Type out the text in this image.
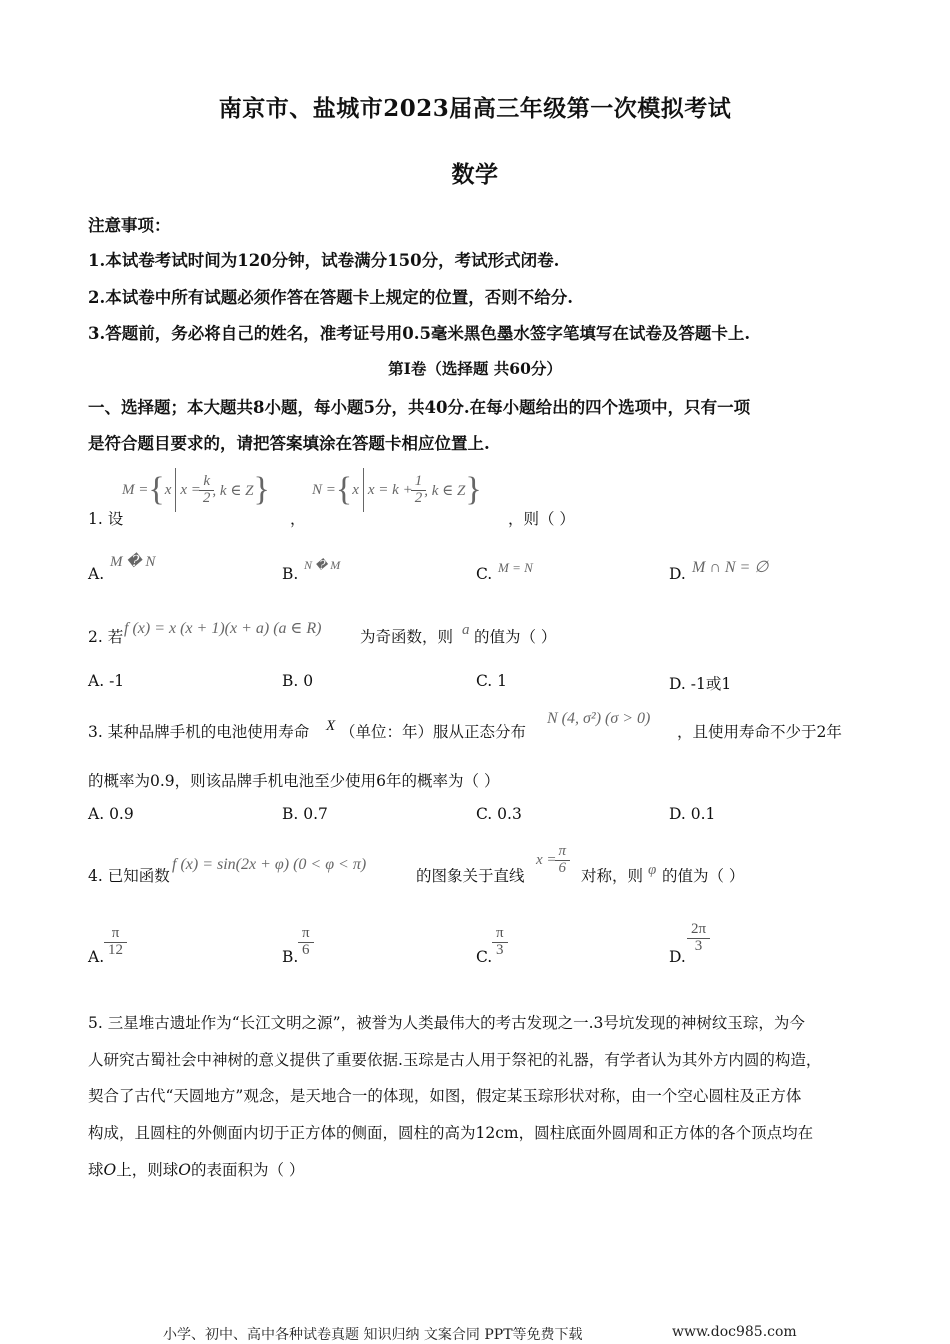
南京市、盐城市2023届高三年级第一次模拟考试
数学
注意事项：
1.本试卷考试时间为120分钟，试卷满分150分，考试形式闭卷.
2.本试卷中所有试题必须作答在答题卡上规定的位置，否则不给分.
3.答题前，务必将自己的姓名，准考证号用0.5毫米黑色墨水签字笔填写在试卷及答题卡上.
第Ⅰ卷（选择题 共60分）
一、选择题；本大题共8小题，每小题5分，共40分.在每小题给出的四个选项中，只有一项
是符合题目要求的，请把答案填涂在答题卡相应位置上.
1. 设
M = { x $x = \frac{k}{2}$ , k ∈ Z }
，
N = { x $x = k + \frac{1}{2}$ , k ∈ Z }
，则（ ）
A.
M � N
B. N � M	C. M = N	D. M ∩ N = ∅
2. 若 f (x) = x (x + 1)(x + a) (a ∈ R) 为奇函数，则 a 的值为（ ）
A. -1	B. 0	C. 1	D. -1或1
3. 某种品牌手机的电池使用寿命 X （单位：年）服从正态分布
N (4, σ²) (σ > 0)
，且使用寿命不少于2年
的概率为0.9，则该品牌手机电池至少使用6年的概率为（ ）
A. 0.9	B. 0.7	C. 0.3	D. 0.1
4. 已知函数
f (x) = sin(2x + φ) (0 < φ < π)
的图象关于直线
$x = \frac{\pi}{6}$ 对称，则 φ 的值为（ ）
A. $\frac{\pi}{12}$	B. $\frac{\pi}{6}$	C. $\frac{\pi}{3}$	D.
$\frac{2\pi}{3}$
5. 三星堆古遗址作为“长江文明之源”，被誉为人类最伟大的考古发现之一.3号坑发现的神树纹玉琮，为今
人研究古蜀社会中神树的意义提供了重要依据.玉琮是古人用于祭祀的礼器，有学者认为其外方内圆的构造，
契合了古代“天圆地方”观念，是天地合一的体现，如图，假定某玉琮形状对称，由一个空心圆柱及正方体
构成，且圆柱的外侧面内切于正方体的侧面，圆柱的高为12cm，圆柱底面外圆周和正方体的各个顶点均在
球O上，则球O的表面积为（ ）
小学、初中、高中各种试卷真题 知识归纳 文案合同 PPT等免费下载	www.doc985.com
